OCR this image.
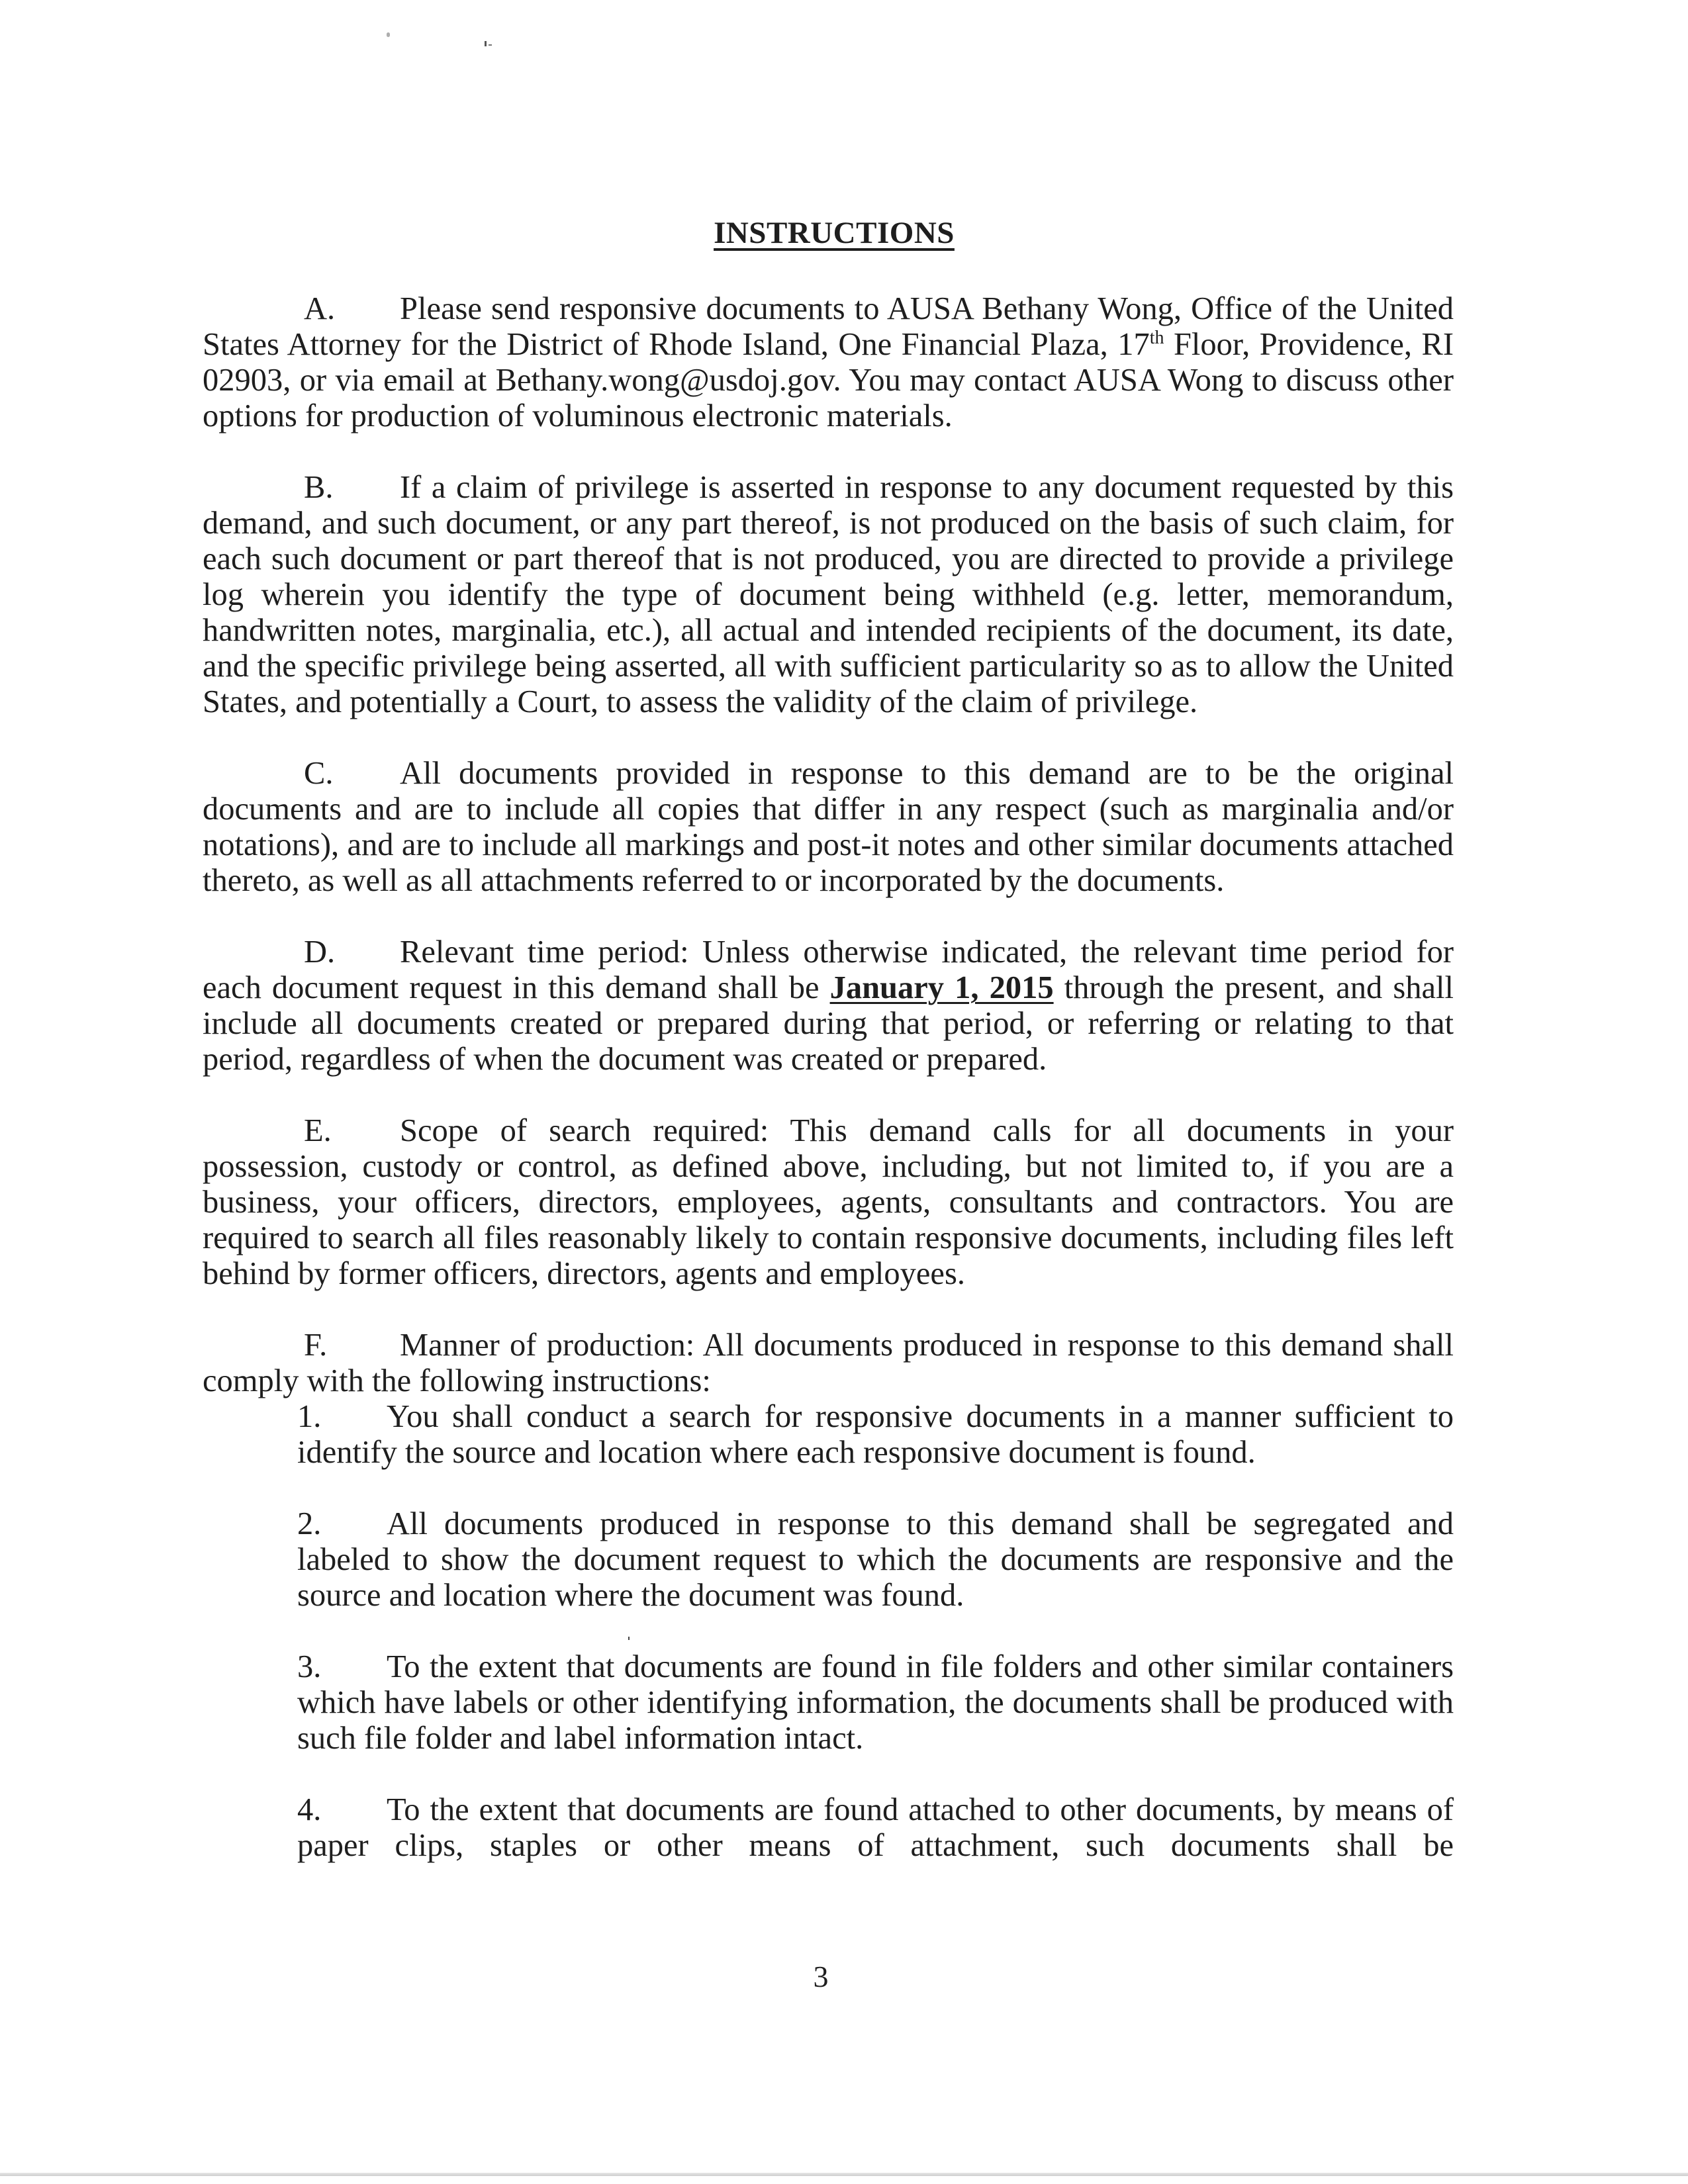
INSTRUCTIONS

A. Please send responsive documents to AUSA Bethany Wong, Office of the United States Attorney for the District of Rhode Island, One Financial Plaza, 17th Floor, Providence, RI 02903, or via email at Bethany.wong@usdoj.gov. You may contact AUSA Wong to discuss other options for production of voluminous electronic materials.

B. If a claim of privilege is asserted in response to any document requested by this demand, and such document, or any part thereof, is not produced on the basis of such claim, for each such document or part thereof that is not produced, you are directed to provide a privilege log wherein you identify the type of document being withheld (e.g. letter, memorandum, handwritten notes, marginalia, etc.), all actual and intended recipients of the document, its date, and the specific privilege being asserted, all with sufficient particularity so as to allow the United States, and potentially a Court, to assess the validity of the claim of privilege.

C. All documents provided in response to this demand are to be the original documents and are to include all copies that differ in any respect (such as marginalia and/or notations), and are to include all markings and post-it notes and other similar documents attached thereto, as well as all attachments referred to or incorporated by the documents.

D. Relevant time period: Unless otherwise indicated, the relevant time period for each document request in this demand shall be January 1, 2015 through the present, and shall include all documents created or prepared during that period, or referring or relating to that period, regardless of when the document was created or prepared.

E. Scope of search required: This demand calls for all documents in your possession, custody or control, as defined above, including, but not limited to, if you are a business, your officers, directors, employees, agents, consultants and contractors. You are required to search all files reasonably likely to contain responsive documents, including files left behind by former officers, directors, agents and employees.

F. Manner of production: All documents produced in response to this demand shall comply with the following instructions:

1. You shall conduct a search for responsive documents in a manner sufficient to identify the source and location where each responsive document is found.

2. All documents produced in response to this demand shall be segregated and labeled to show the document request to which the documents are responsive and the source and location where the document was found.

3. To the extent that documents are found in file folders and other similar containers which have labels or other identifying information, the documents shall be produced with such file folder and label information intact.

4. To the extent that documents are found attached to other documents, by means of paper clips, staples or other means of attachment, such documents shall be

3
